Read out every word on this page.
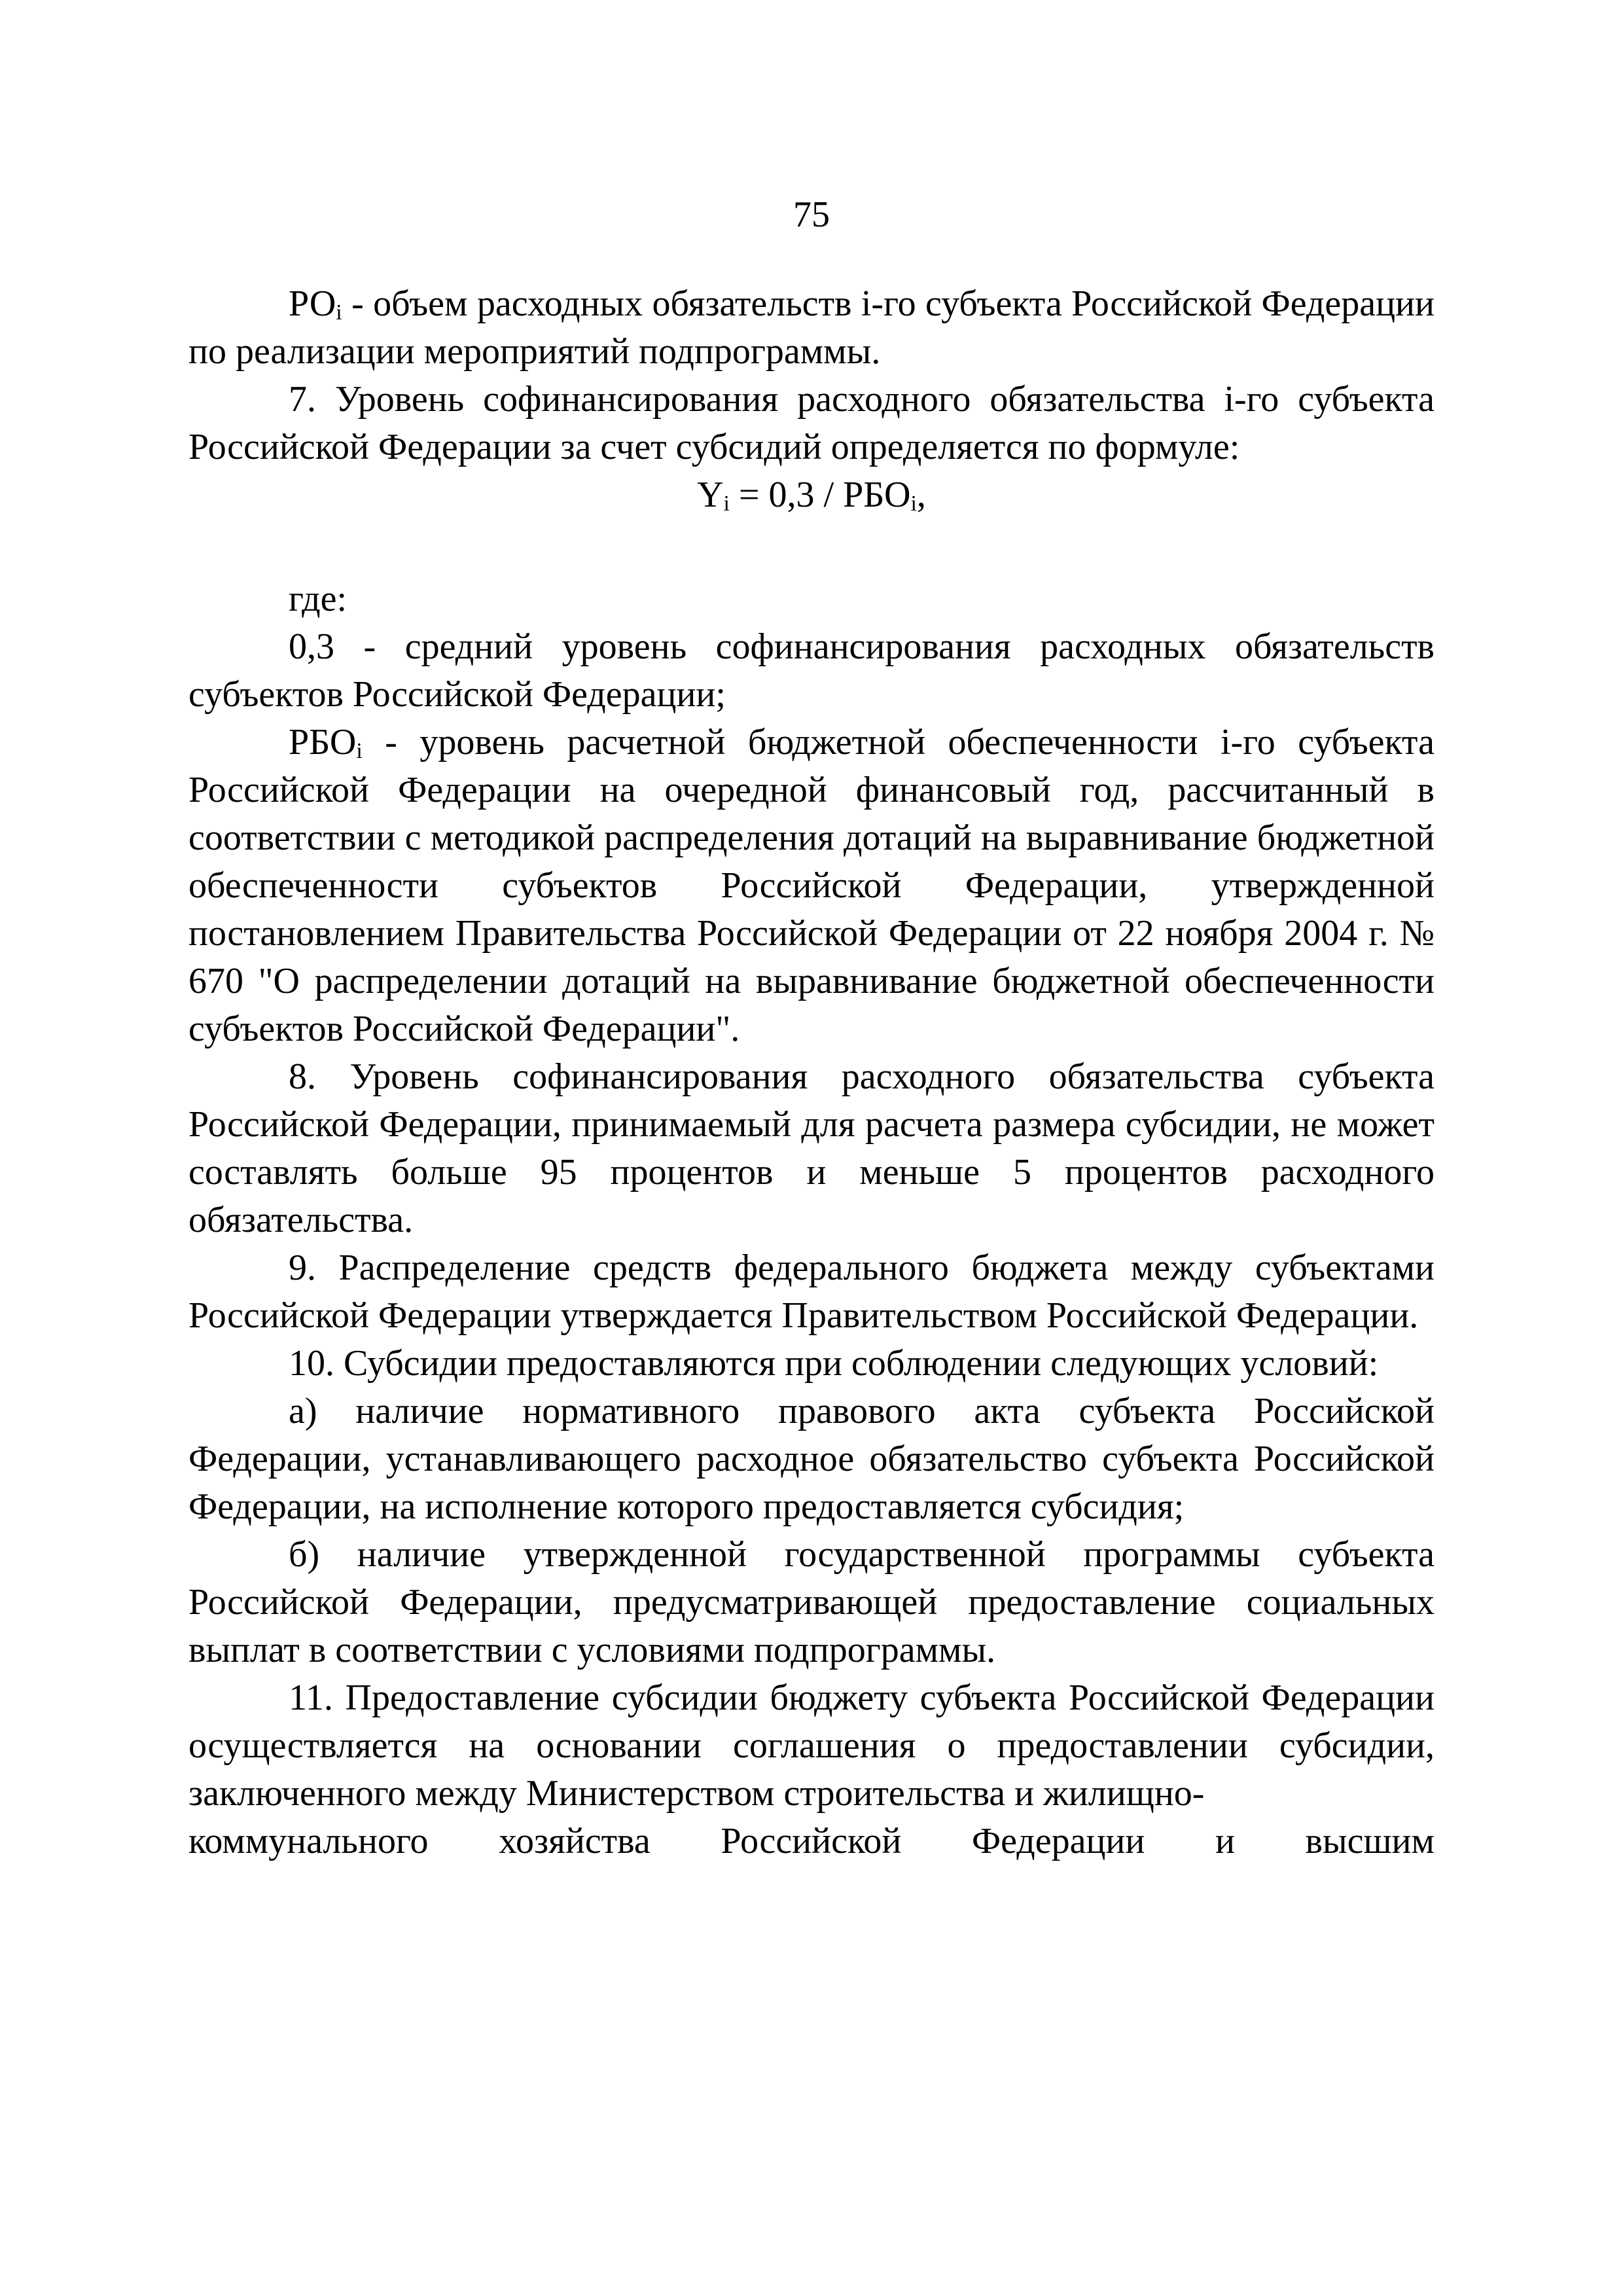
75

$РО_i$ - объем расходных обязательств i-го субъекта Российской Федерации по реализации мероприятий подпрограммы.

7. Уровень софинансирования расходного обязательства i-го субъекта Российской Федерации за счет субсидий определяется по формуле:

$Y_i = 0,3 / РБО_i$,

где:

0,3 - средний уровень софинансирования расходных обязательств субъектов Российской Федерации;

$РБО_i$ - уровень расчетной бюджетной обеспеченности i-го субъекта Российской Федерации на очередной финансовый год, рассчитанный в соответствии с методикой распределения дотаций на выравнивание бюджетной обеспеченности субъектов Российской Федерации, утвержденной постановлением Правительства Российской Федерации от 22 ноября 2004 г. № 670 "О распределении дотаций на выравнивание бюджетной обеспеченности субъектов Российской Федерации".

8. Уровень софинансирования расходного обязательства субъекта Российской Федерации, принимаемый для расчета размера субсидии, не может составлять больше 95 процентов и меньше 5 процентов расходного обязательства.

9. Распределение средств федерального бюджета между субъектами Российской Федерации утверждается Правительством Российской Федерации.

10. Субсидии предоставляются при соблюдении следующих условий:

а) наличие нормативного правового акта субъекта Российской Федерации, устанавливающего расходное обязательство субъекта Российской Федерации, на исполнение которого предоставляется субсидия;

б) наличие утвержденной государственной программы субъекта Российской Федерации, предусматривающей предоставление социальных выплат в соответствии с условиями подпрограммы.

11. Предоставление субсидии бюджету субъекта Российской Федерации осуществляется на основании соглашения о предоставлении субсидии, заключенного между Министерством строительства и жилищно-

коммунального хозяйства Российской Федерации и высшим
